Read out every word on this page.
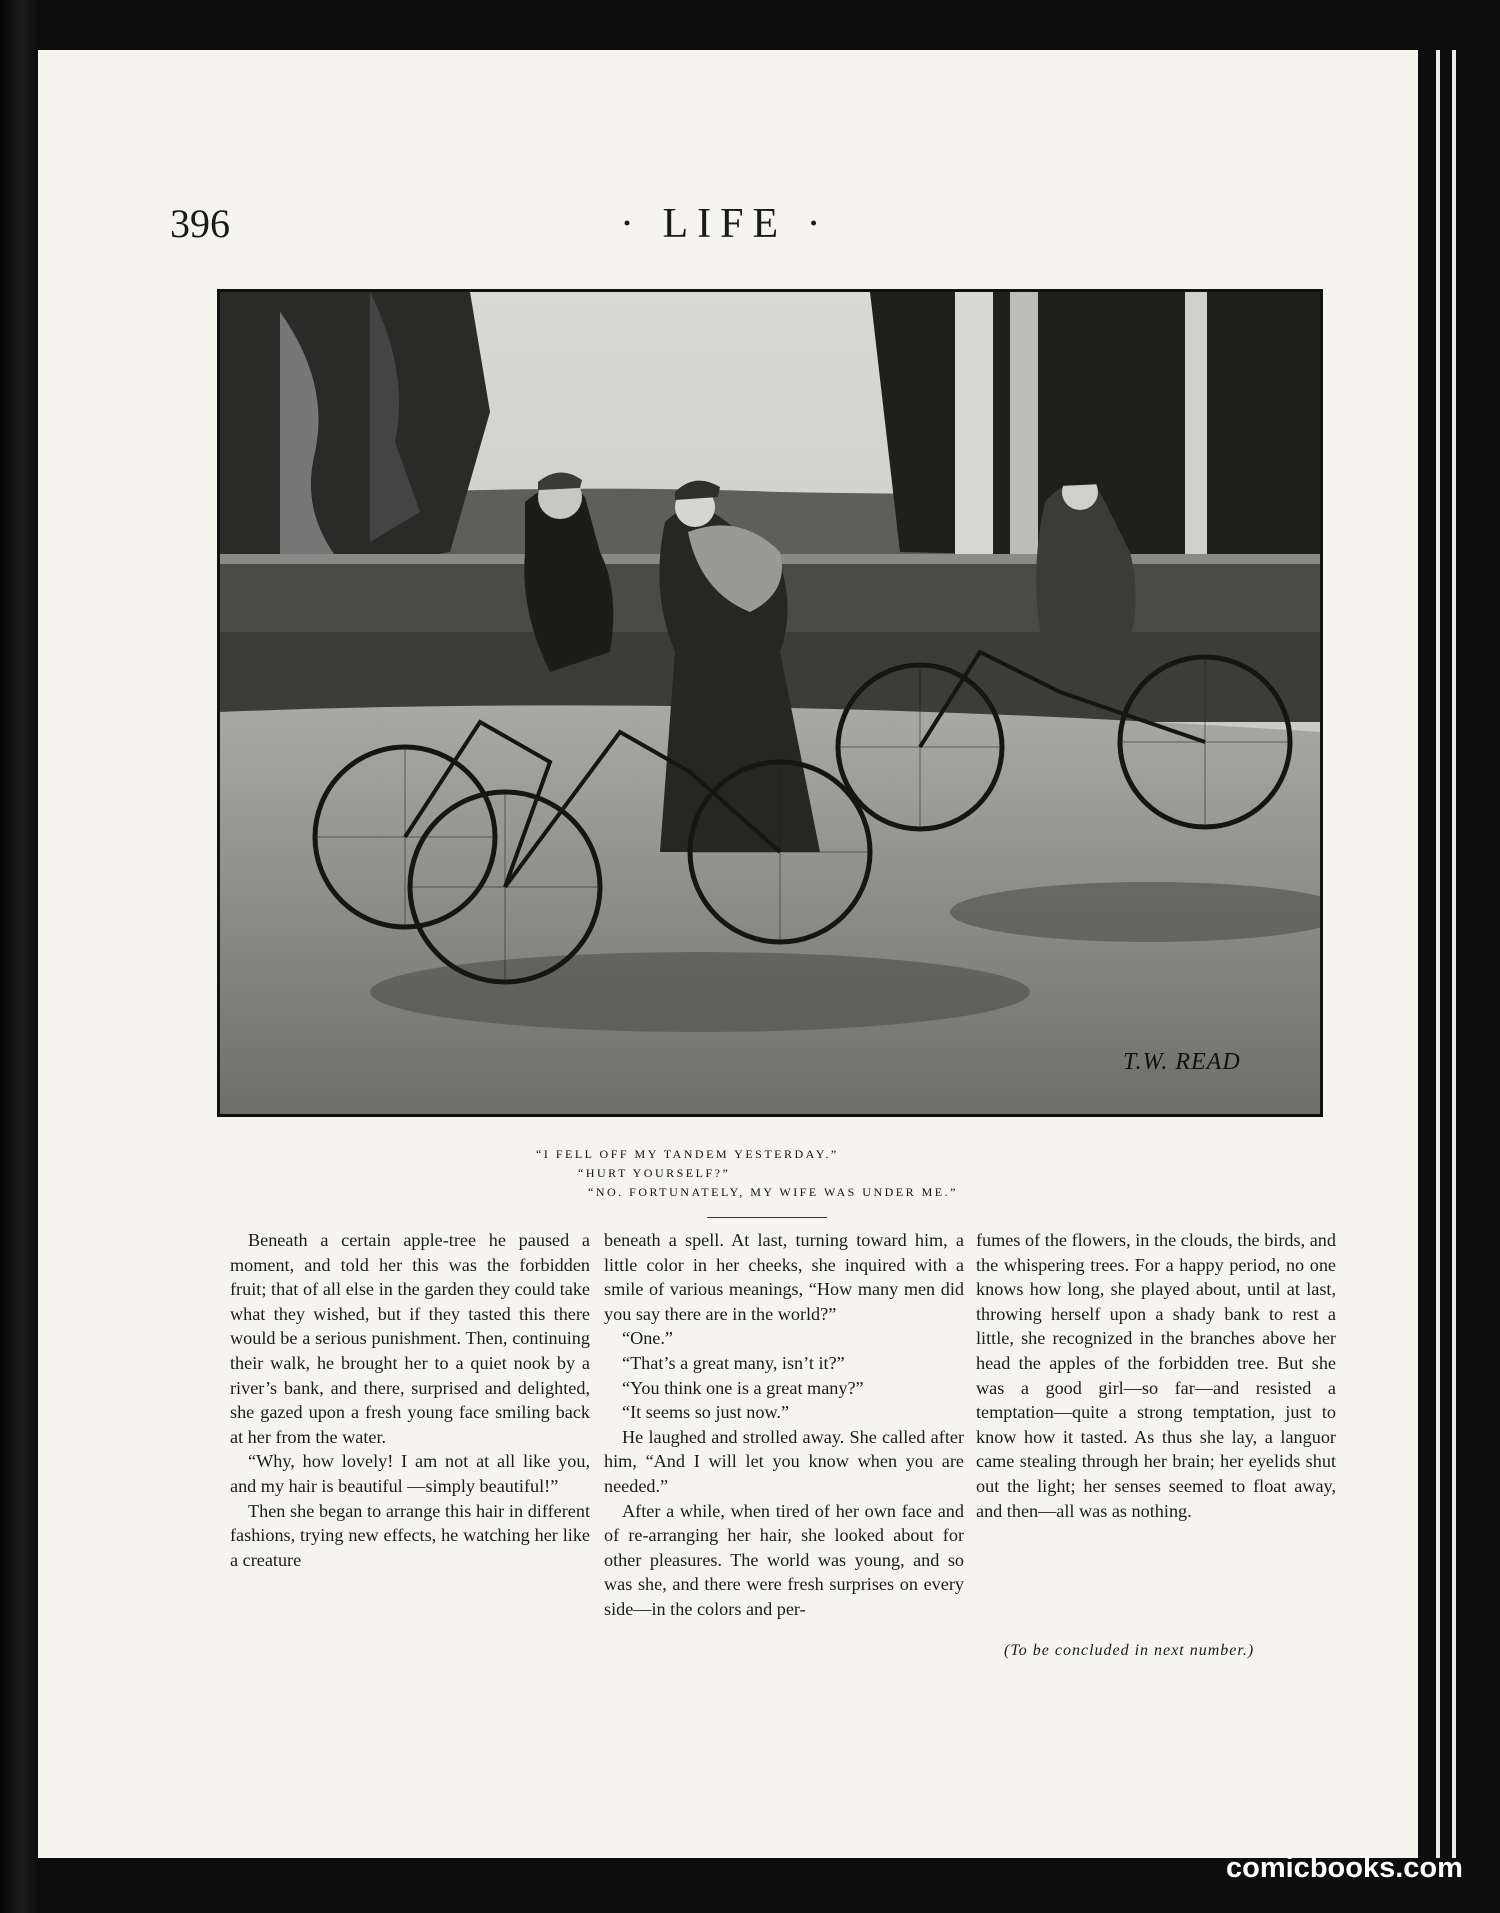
396	· LIFE ·
T.W. READ
“I FELL OFF MY TANDEM YESTERDAY.”
“HURT YOURSELF?”
“NO. FORTUNATELY, MY WIFE WAS UNDER ME.”

Beneath a certain apple-tree he paused a moment, and told her this was the forbidden fruit; that of all else in the garden they could take what they wished, but if they tasted this there would be a serious punishment. Then, continuing their walk, he brought her to a quiet nook by a river’s bank, and there, surprised and delighted, she gazed upon a fresh young face smiling back at her from the water.

“Why, how lovely! I am not at all like you, and my hair is beautiful —simply beautiful!”

Then she began to arrange this hair in different fashions, trying new effects, he watching her like a creature

beneath a spell. At last, turning toward him, a little color in her cheeks, she inquired with a smile of various meanings, “How many men did you say there are in the world?”

“One.”

“That’s a great many, isn’t it?”

“You think one is a great many?”

“It seems so just now.”

He laughed and strolled away. She called after him, “And I will let you know when you are needed.”

After a while, when tired of her own face and of re-arranging her hair, she looked about for other pleasures. The world was young, and so was she, and there were fresh surprises on every side—in the colors and per-

fumes of the flowers, in the clouds, the birds, and the whispering trees. For a happy period, no one knows how long, she played about, until at last, throwing herself upon a shady bank to rest a little, she recognized in the branches above her head the apples of the forbidden tree. But she was a good girl—so far—and resisted a temptation—quite a strong temptation, just to know how it tasted. As thus she lay, a languor came stealing through her brain; her eyelids shut out the light; her senses seemed to float away, and then—all was as nothing.

(To be concluded in next number.)
comicbooks.com
